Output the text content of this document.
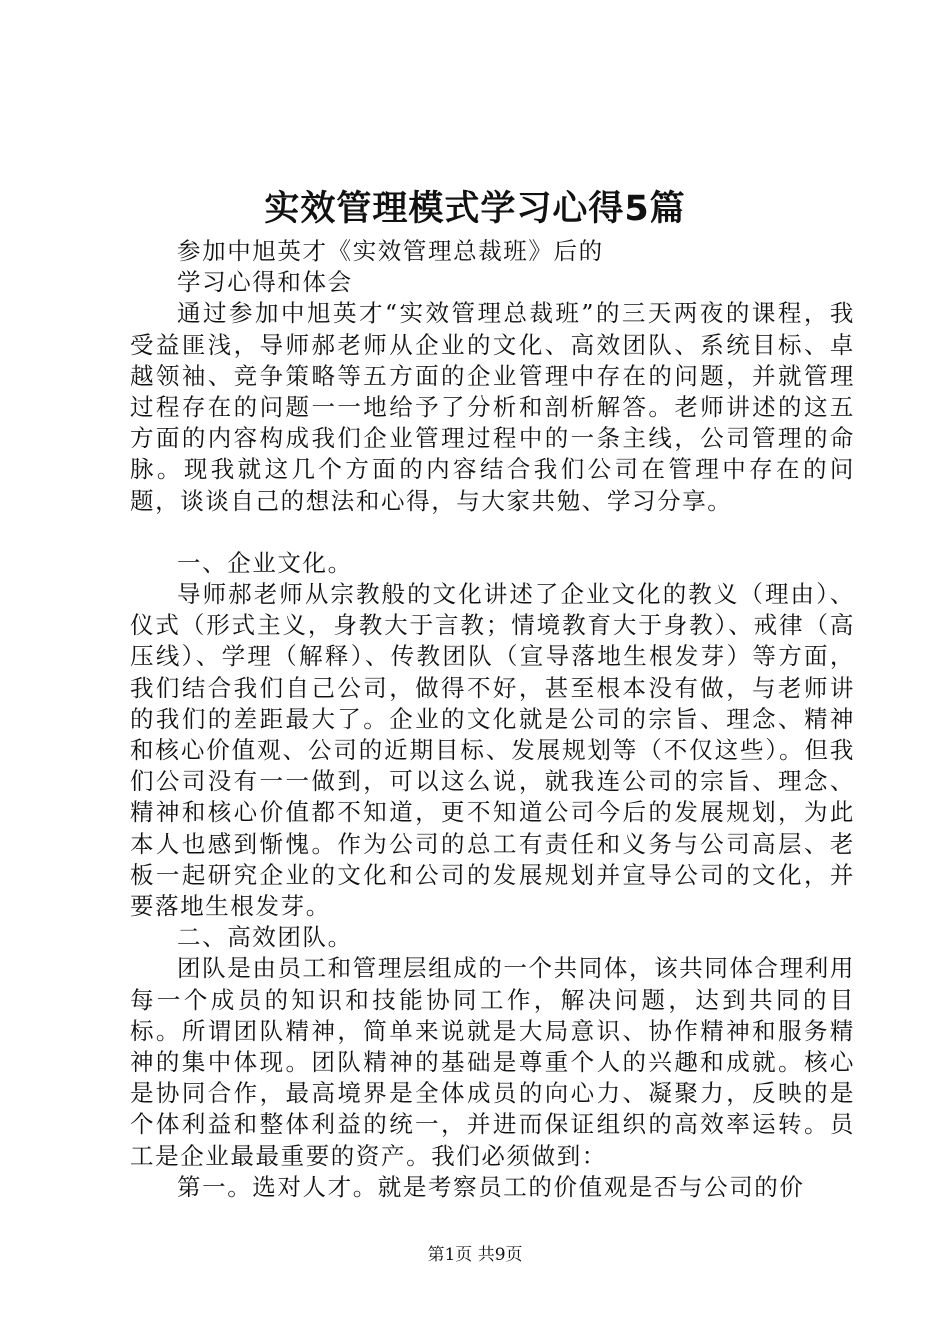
实效管理模式学习心得5篇

参加中旭英才《实效管理总裁班》后的

学习心得和体会

通过参加中旭英才“实效管理总裁班”的三天两夜的课程，我受益匪浅，导师郝老师从企业的文化、高效团队、系统目标、卓越领袖、竞争策略等五方面的企业管理中存在的问题，并就管理过程存在的问题一一地给予了分析和剖析解答。老师讲述的这五方面的内容构成我们企业管理过程中的一条主线，公司管理的命脉。现我就这几个方面的内容结合我们公司在管理中存在的问题，谈谈自己的想法和心得，与大家共勉、学习分享。

一、企业文化。

导师郝老师从宗教般的文化讲述了企业文化的教义（理由）、仪式（形式主义，身教大于言教；情境教育大于身教）、戒律（高压线）、学理（解释）、传教团队（宣导落地生根发芽）等方面，我们结合我们自己公司，做得不好，甚至根本没有做，与老师讲的我们的差距最大了。企业的文化就是公司的宗旨、理念、精神和核心价值观、公司的近期目标、发展规划等（不仅这些）。但我们公司没有一一做到，可以这么说，就我连公司的宗旨、理念、精神和核心价值都不知道，更不知道公司今后的发展规划，为此本人也感到惭愧。作为公司的总工有责任和义务与公司高层、老板一起研究企业的文化和公司的发展规划并宣导公司的文化，并要落地生根发芽。

二、高效团队。

团队是由员工和管理层组成的一个共同体，该共同体合理利用每一个成员的知识和技能协同工作，解决问题，达到共同的目标。所谓团队精神，简单来说就是大局意识、协作精神和服务精神的集中体现。团队精神的基础是尊重个人的兴趣和成就。核心是协同合作，最高境界是全体成员的向心力、凝聚力，反映的是个体利益和整体利益的统一，并进而保证组织的高效率运转。员工是企业最最重要的资产。我们必须做到：

第一。选对人才。就是考察员工的价值观是否与公司的价

第1页 共9页
